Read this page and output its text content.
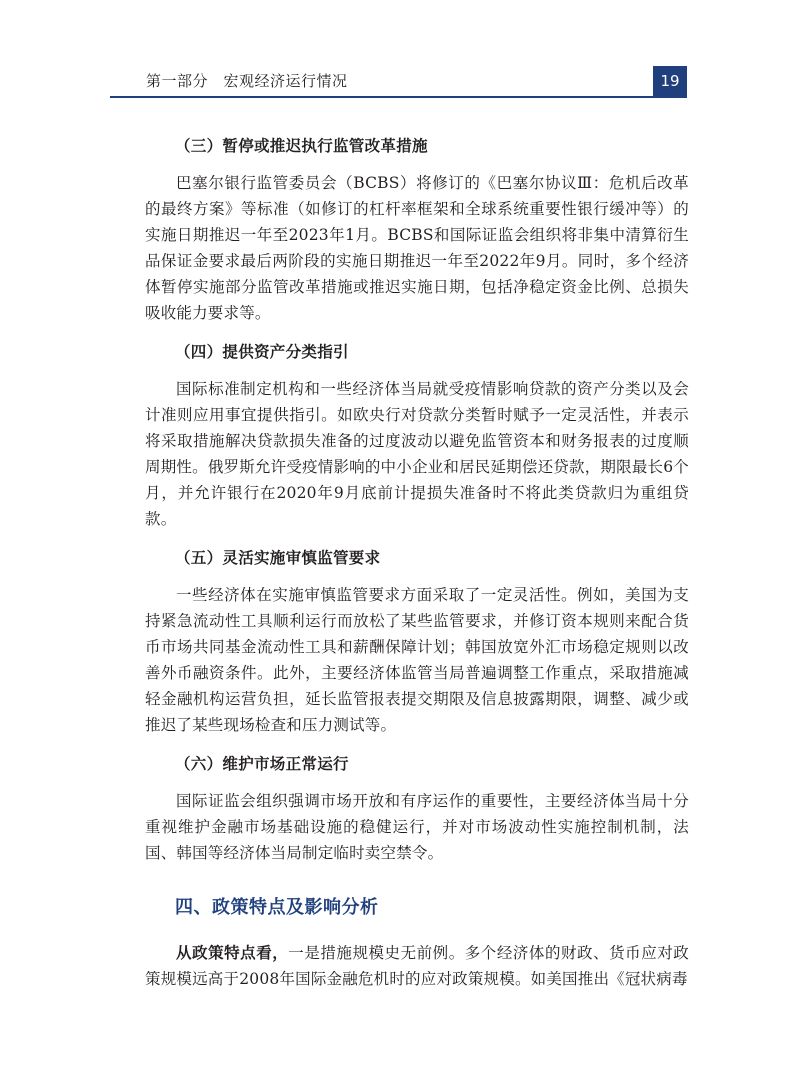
第一部分　宏观经济运行情况	19
（三）暂停或推迟执行监管改革措施

巴塞尔银行监管委员会（BCBS）将修订的《巴塞尔协议Ⅲ：危机后改革的最终方案》等标准（如修订的杠杆率框架和全球系统重要性银行缓冲等）的实施日期推迟一年至2023年1月。BCBS和国际证监会组织将非集中清算衍生品保证金要求最后两阶段的实施日期推迟一年至2022年9月。同时，多个经济体暂停实施部分监管改革措施或推迟实施日期，包括净稳定资金比例、总损失吸收能力要求等。

（四）提供资产分类指引

国际标准制定机构和一些经济体当局就受疫情影响贷款的资产分类以及会计准则应用事宜提供指引。如欧央行对贷款分类暂时赋予一定灵活性，并表示将采取措施解决贷款损失准备的过度波动以避免监管资本和财务报表的过度顺周期性。俄罗斯允许受疫情影响的中小企业和居民延期偿还贷款，期限最长6个月，并允许银行在2020年9月底前计提损失准备时不将此类贷款归为重组贷款。

（五）灵活实施审慎监管要求

一些经济体在实施审慎监管要求方面采取了一定灵活性。例如，美国为支持紧急流动性工具顺利运行而放松了某些监管要求，并修订资本规则来配合货币市场共同基金流动性工具和薪酬保障计划；韩国放宽外汇市场稳定规则以改善外币融资条件。此外，主要经济体监管当局普遍调整工作重点，采取措施减轻金融机构运营负担，延长监管报表提交期限及信息披露期限，调整、减少或推迟了某些现场检查和压力测试等。

（六）维护市场正常运行

国际证监会组织强调市场开放和有序运作的重要性，主要经济体当局十分重视维护金融市场基础设施的稳健运行，并对市场波动性实施控制机制，法国、韩国等经济体当局制定临时卖空禁令。

四、政策特点及影响分析

从政策特点看，一是措施规模史无前例。多个经济体的财政、货币应对政策规模远高于2008年国际金融危机时的应对政策规模。如美国推出《冠状病毒
